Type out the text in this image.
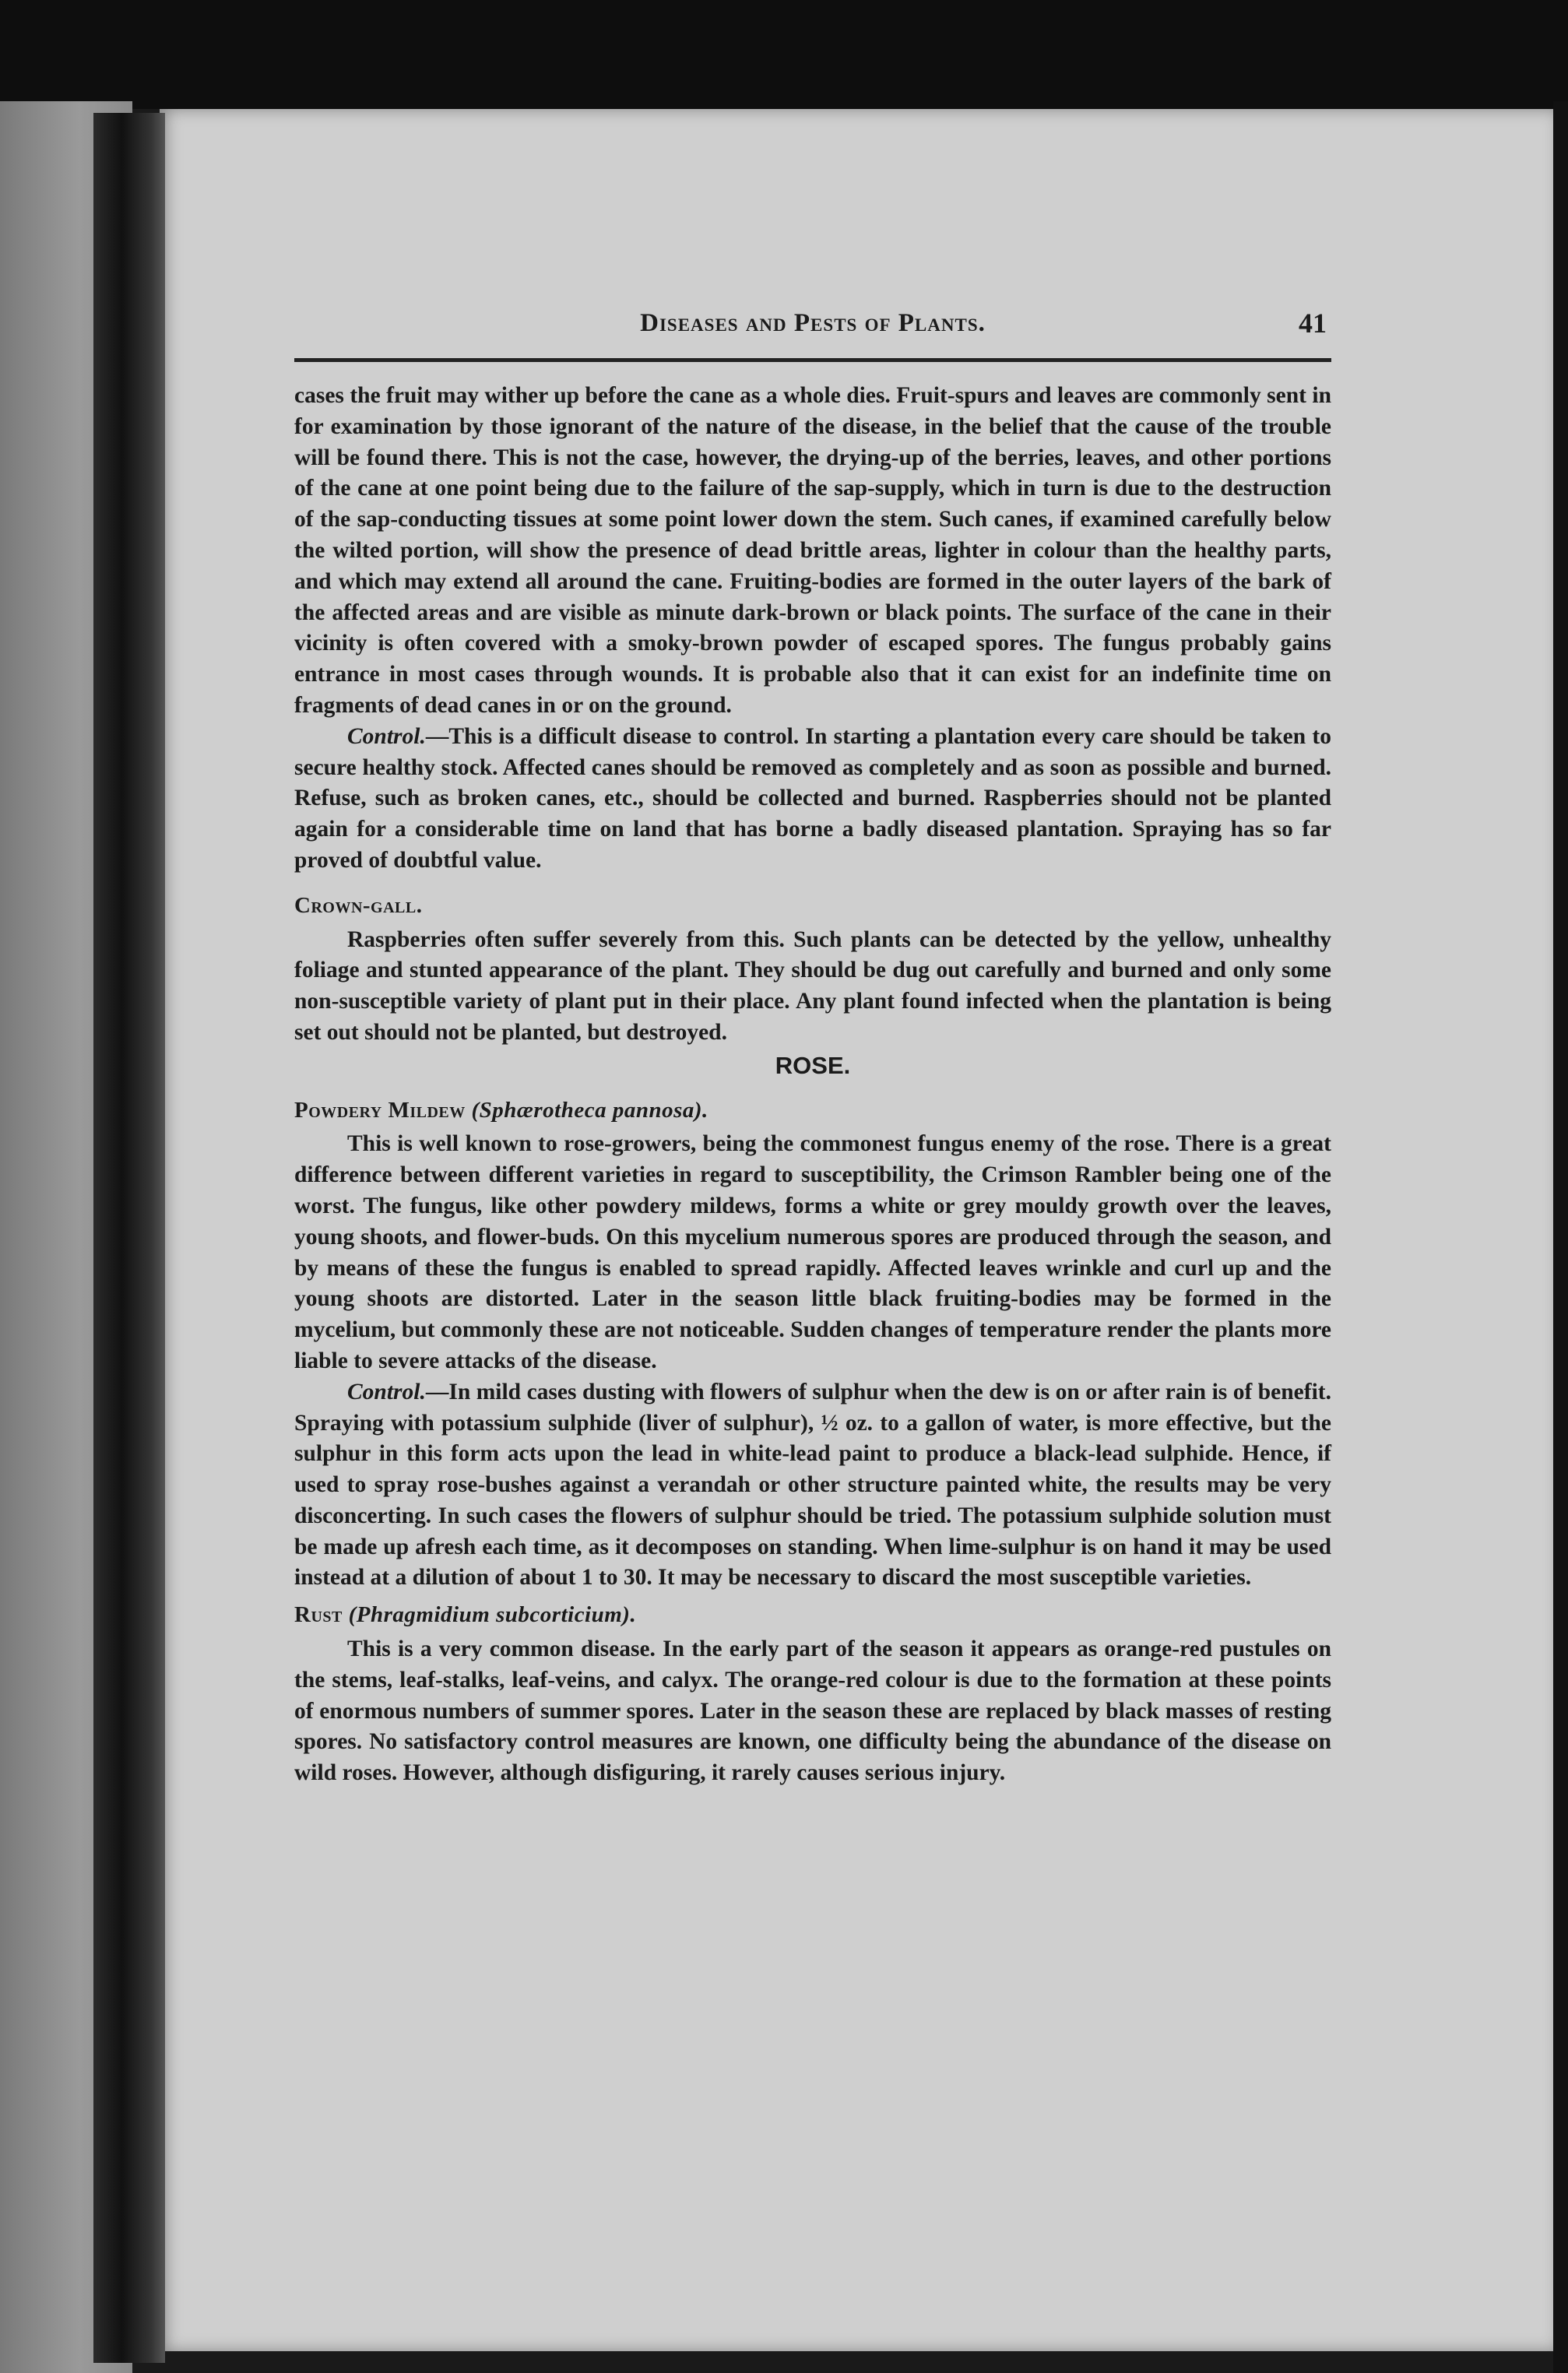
Diseases and Pests of Plants.	41

cases the fruit may wither up before the cane as a whole dies. Fruit-spurs and leaves are commonly sent in for examination by those ignorant of the nature of the disease, in the belief that the cause of the trouble will be found there. This is not the case, however, the drying-up of the berries, leaves, and other portions of the cane at one point being due to the failure of the sap-supply, which in turn is due to the destruction of the sap-conducting tissues at some point lower down the stem. Such canes, if examined carefully below the wilted portion, will show the presence of dead brittle areas, lighter in colour than the healthy parts, and which may extend all around the cane. Fruiting-bodies are formed in the outer layers of the bark of the affected areas and are visible as minute dark-brown or black points. The surface of the cane in their vicinity is often covered with a smoky-brown powder of escaped spores. The fungus probably gains entrance in most cases through wounds. It is probable also that it can exist for an indefinite time on fragments of dead canes in or on the ground.

Control.—This is a difficult disease to control. In starting a plantation every care should be taken to secure healthy stock. Affected canes should be removed as completely and as soon as possible and burned. Refuse, such as broken canes, etc., should be collected and burned. Raspberries should not be planted again for a considerable time on land that has borne a badly diseased plantation. Spraying has so far proved of doubtful value.

Crown-gall.

Raspberries often suffer severely from this. Such plants can be detected by the yellow, unhealthy foliage and stunted appearance of the plant. They should be dug out carefully and burned and only some non-susceptible variety of plant put in their place. Any plant found infected when the plantation is being set out should not be planted, but destroyed.

ROSE.
Powdery Mildew (Sphærotheca pannosa).

This is well known to rose-growers, being the commonest fungus enemy of the rose. There is a great difference between different varieties in regard to susceptibility, the Crimson Rambler being one of the worst. The fungus, like other powdery mildews, forms a white or grey mouldy growth over the leaves, young shoots, and flower-buds. On this mycelium numerous spores are produced through the season, and by means of these the fungus is enabled to spread rapidly. Affected leaves wrinkle and curl up and the young shoots are distorted. Later in the season little black fruiting-bodies may be formed in the mycelium, but commonly these are not noticeable. Sudden changes of temperature render the plants more liable to severe attacks of the disease.

Control.—In mild cases dusting with flowers of sulphur when the dew is on or after rain is of benefit. Spraying with potassium sulphide (liver of sulphur), ½ oz. to a gallon of water, is more effective, but the sulphur in this form acts upon the lead in white-lead paint to produce a black-lead sulphide. Hence, if used to spray rose-bushes against a verandah or other structure painted white, the results may be very disconcerting. In such cases the flowers of sulphur should be tried. The potassium sulphide solution must be made up afresh each time, as it decomposes on standing. When lime-sulphur is on hand it may be used instead at a dilution of about 1 to 30. It may be necessary to discard the most susceptible varieties.

Rust (Phragmidium subcorticium).

This is a very common disease. In the early part of the season it appears as orange-red pustules on the stems, leaf-stalks, leaf-veins, and calyx. The orange-red colour is due to the formation at these points of enormous numbers of summer spores. Later in the season these are replaced by black masses of resting spores. No satisfactory control measures are known, one difficulty being the abundance of the disease on wild roses. However, although disfiguring, it rarely causes serious injury.
